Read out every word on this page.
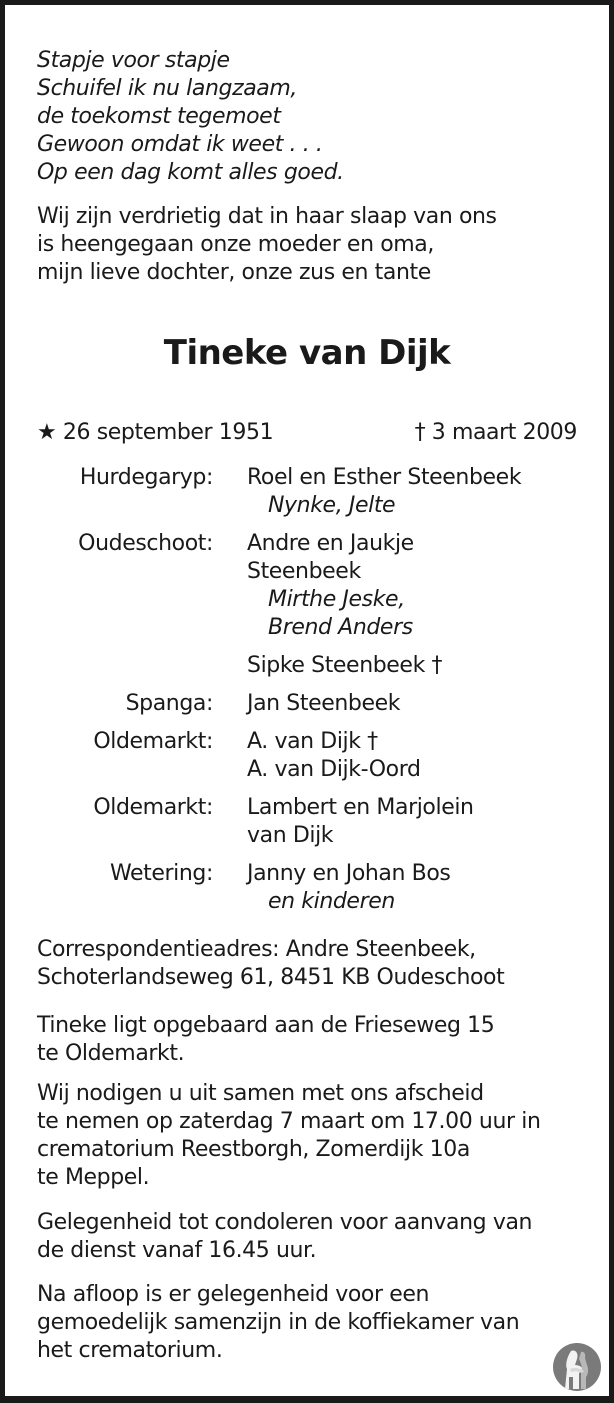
Stapje voor stapje
Schuifel ik nu langzaam,
de toekomst tegemoet
Gewoon omdat ik weet . . .
Op een dag komt alles goed.
Wij zijn verdrietig dat in haar slaap van ons
is heengegaan onze moeder en oma,
mijn lieve dochter, onze zus en tante
Tineke van Dijk
★ 26 september 1951	† 3 maart 2009
Hurdegaryp:	Roel en Esther Steenbeek
Nynke, Jelte
Oudeschoot:	Andre en Jaukje
Steenbeek
Mirthe Jeske,
Brend Anders
Sipke Steenbeek †
Spanga:	Jan Steenbeek
Oldemarkt:	A. van Dijk †
A. van Dijk-Oord
Oldemarkt:	Lambert en Marjolein
van Dijk
Wetering:	Janny en Johan Bos
en kinderen
Correspondentieadres: Andre Steenbeek,
Schoterlandseweg 61, 8451 KB Oudeschoot
Tineke ligt opgebaard aan de Frieseweg 15
te Oldemarkt.
Wij nodigen u uit samen met ons afscheid
te nemen op zaterdag 7 maart om 17.00 uur in
crematorium Reestborgh, Zomerdijk 10a
te Meppel.
Gelegenheid tot condoleren voor aanvang van
de dienst vanaf 16.45 uur.
Na afloop is er gelegenheid voor een
gemoedelijk samenzijn in de koffiekamer van
het crematorium.
